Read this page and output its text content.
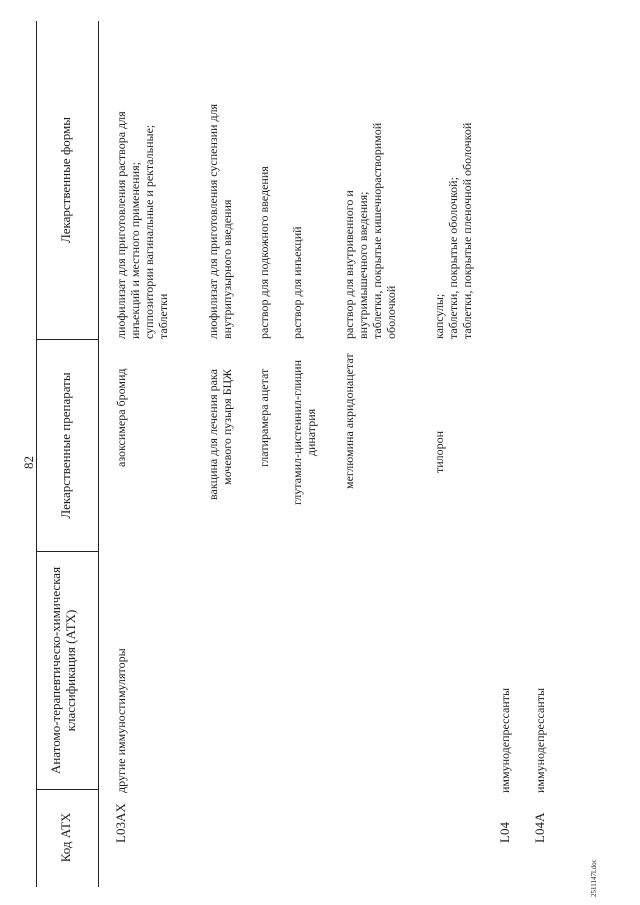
82
Код АТХ
Анатомо-терапевтическо-химическая классификация (АТХ)
Лекарственные препараты
Лекарственные формы
L03AX
другие иммуностимуляторы
азоксимера бромид
лиофилизат для приготовления раствора для инъекций и местного применения; суппозитории вагинальные и ректальные; таблетки
вакцина для лечения рака мочевого пузыря БЦЖ
лиофилизат для приготовления суспензии для внутрипузырного введения
глатирамера ацетат
раствор для подкожного введения
глутамил-цистеинил-глицин динатрия
раствор для инъекций
меглюмина акридонацетат
раствор для внутривенного и внутримышечного введения; таблетки, покрытые кишечнорастворимой оболочкой
тилорон
капсулы; таблетки, покрытые оболочкой; таблетки, покрытые пленочной оболочкой
L04
иммунодепрессанты
L04A
иммунодепрессанты
2511147l.doc
